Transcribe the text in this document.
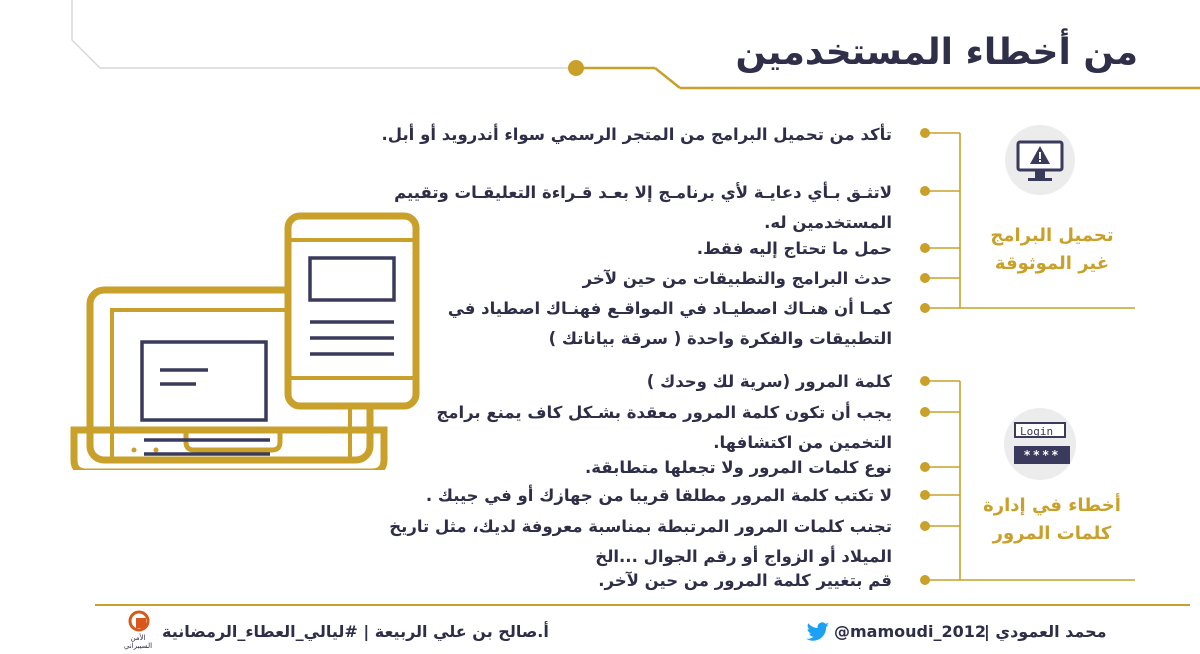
من أخطاء المستخدمين
تأكد من تحميل البرامج من المتجر الرسمي سواء أندرويد أو أبل.
لاتثـق بـأي دعايـة لأي برنامـج إلا بعـد قـراءة التعليقـات وتقييم المستخدمين له.
حمل ما تحتاج إليه فقط.
حدث البرامج والتطبيقات من حين لآخر
كمـا أن هنـاك اصطيـاد في المواقـع فهنـاك اصطياد في التطبيقات والفكرة واحدة ( سرقة بياناتك )
تحميل البرامج
غير الموثوقة
كلمة المرور (سرية لك وحدك )
يجب أن تكون كلمة المرور معقدة بشـكل كاف يمنع برامج التخمين من اكتشافها.
نوع كلمات المرور ولا تجعلها متطابقة.
لا تكتب كلمة المرور مطلقا قريبا من جهازك أو في جيبك .
تجنب كلمات المرور المرتبطة بمناسبة معروفة لديك، مثل تاريخ الميلاد أو الزواج أو رقم الجوال ...الخ
قم بتغيير كلمة المرور من حين لآخر.
Login
****
أخطاء في إدارة
كلمات المرور
الأمن السيبراني
أ.صالح بن علي الربيعة | #ليالي_العطاء_الرمضانية	@mamoudi_2012
محمد العمودي |
